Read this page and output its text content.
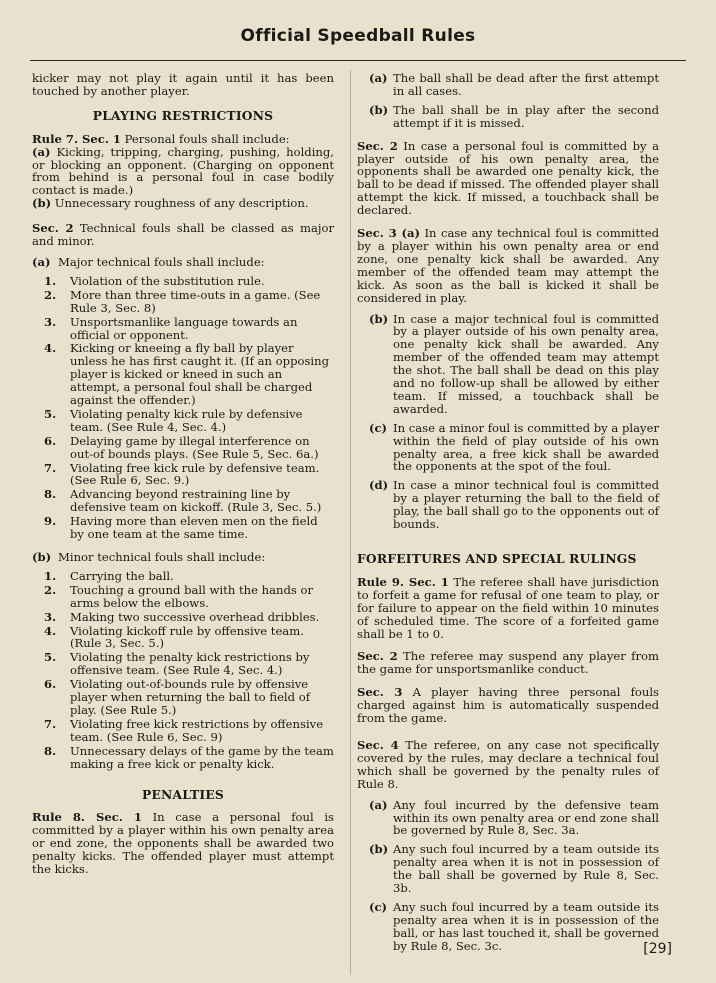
Official Speedball Rules

kicker may not play it again until it has been touched by another player.

PLAYING RESTRICTIONS

Rule 7. Sec. 1 Personal fouls shall include:

(a) Kicking, tripping, charging, pushing, holding, or blocking an opponent. (Charging on opponent from behind is a personal foul in case bodily contact is made.)

(b) Unnecessary roughness of any description.

Sec. 2 Technical fouls shall be classed as major and minor.

(a) Major technical fouls shall include:
1.	Violation of the substitution rule.
2.	More than three time-outs in a game. (See Rule 3, Sec. 8)
3.	Unsportsmanlike language towards an official or opponent.
4.	Kicking or kneeing a fly ball by player unless he has first caught it. (If an opposing player is kicked or kneed in such an attempt, a personal foul shall be charged against the offender.)
5.	Violating penalty kick rule by defensive team. (See Rule 4, Sec. 4.)
6.	Delaying game by illegal interference on out-of bounds plays. (See Rule 5, Sec. 6a.)
7.	Violating free kick rule by defensive team. (See Rule 6, Sec. 9.)
8.	Advancing beyond restraining line by defensive team on kickoff. (Rule 3, Sec. 5.)
9.	Having more than eleven men on the field by one team at the same time.
(b) Minor technical fouls shall include:
1.	Carrying the ball.
2.	Touching a ground ball with the hands or arms below the elbows.
3.	Making two successive overhead dribbles.
4.	Violating kickoff rule by offensive team. (Rule 3, Sec. 5.)
5.	Violating the penalty kick restrictions by offensive team. (See Rule 4, Sec. 4.)
6.	Violating out-of-bounds rule by offensive player when returning the ball to field of play. (See Rule 5.)
7.	Violating free kick restrictions by offensive team. (See Rule 6, Sec. 9)
8.	Unnecessary delays of the game by the team making a free kick or penalty kick.
PENALTIES

Rule 8. Sec. 1 In case a personal foul is committed by a player within his own penalty area or end zone, the opponents shall be awarded two penalty kicks. The offended player must attempt the kicks.

(a) The ball shall be dead after the first attempt in all cases.
(b) The ball shall be in play after the second attempt if it is missed.

Sec. 2 In case a personal foul is committed by a player outside of his own penalty area, the opponents shall be awarded one penalty kick, the ball to be dead if missed. The offended player shall attempt the kick. If missed, a touchback shall be declared.

Sec. 3 (a) In case any technical foul is committed by a player within his own penalty area or end zone, one penalty kick shall be awarded. Any member of the offended team may attempt the kick. As soon as the ball is kicked it shall be considered in play.

(b) In case a major technical foul is committed by a player outside of his own penalty area, one penalty kick shall be awarded. Any member of the offended team may attempt the shot. The ball shall be dead on this play and no follow-up shall be allowed by either team. If missed, a touchback shall be awarded.
(c) In case a minor foul is committed by a player within the field of play outside of his own penalty area, a free kick shall be awarded the opponents at the spot of the foul.
(d) In case a minor technical foul is committed by a player returning the ball to the field of play, the ball shall go to the opponents out of bounds.
FORFEITURES AND SPECIAL RULINGS

Rule 9. Sec. 1 The referee shall have jurisdiction to forfeit a game for refusal of one team to play, or for failure to appear on the field within 10 minutes of scheduled time. The score of a forfeited game shall be 1 to 0.

Sec. 2 The referee may suspend any player from the game for unsportsmanlike conduct.

Sec. 3 A player having three personal fouls charged against him is automatically suspended from the game.

Sec. 4 The referee, on any case not specifically covered by the rules, may declare a technical foul which shall be governed by the penalty rules of Rule 8.

(a) Any foul incurred by the defensive team within its own penalty area or end zone shall be governed by Rule 8, Sec. 3a.
(b) Any such foul incurred by a team outside its penalty area when it is not in possession of the ball shall be governed by Rule 8, Sec. 3b.
(c) Any such foul incurred by a team outside its penalty area when it is in possession of the ball, or has last touched it, shall be governed by Rule 8, Sec. 3c.	[29]
